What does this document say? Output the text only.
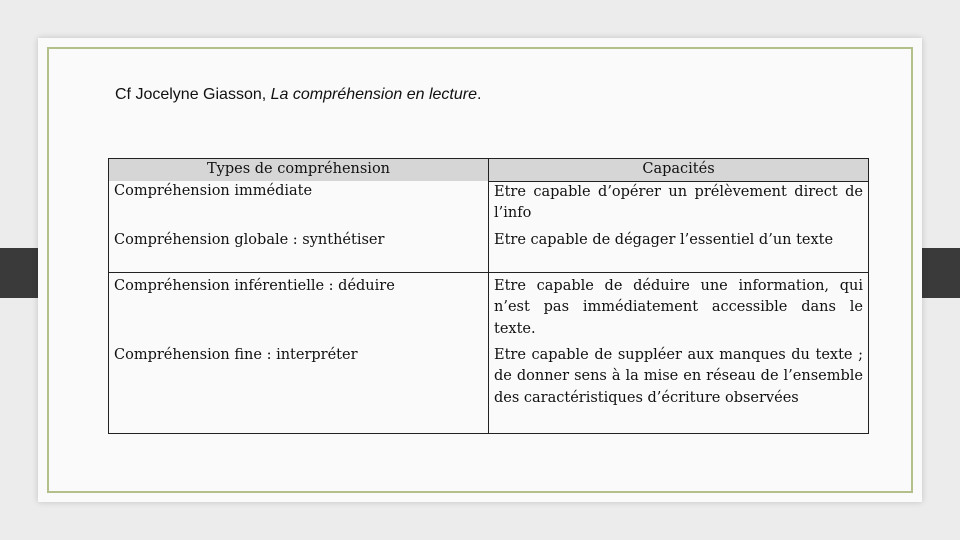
Cf Jocelyne Giasson, La compréhension en lecture.
Types de compréhension	Capacités
Compréhension immédiate	Etre capable d’opérer un prélèvement direct de l’info
Compréhension globale : synthétiser	Etre capable de dégager l’essentiel d’un texte
Compréhension inférentielle : déduire	Etre capable de déduire une information, qui n’est pas immédiatement accessible dans le texte.
Compréhension fine : interpréter	Etre capable de suppléer aux manques du texte ; de donner sens à la mise en réseau de l’ensemble des caractéristiques d’écriture observées
